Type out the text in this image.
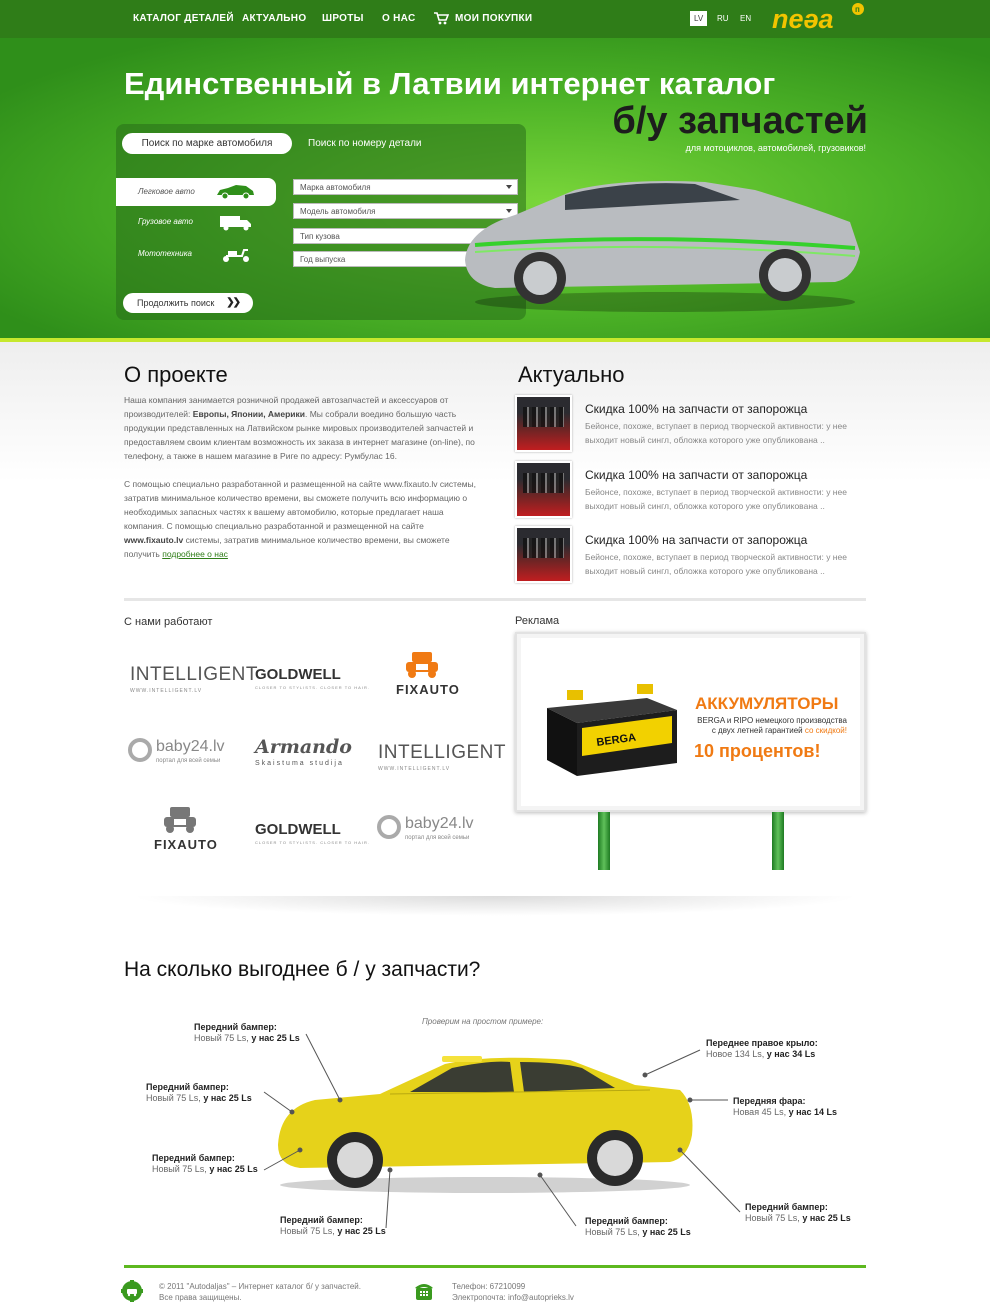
КАТАЛОГ ДЕТАЛЕЙ АКТУАЛЬНО ШРОТЫ О НАС	МОИ ПОКУПКИ	LV	RU	EN neǝa	п
Единственный в Латвии интернет каталог
б/у запчастей
для мотоциклов, автомобилей, грузовиков!
Поиск по марке автомобиля	Поиск по номеру детали
Легковое авто
Грузовое авто
Мототехника
Марка автомобиля
Модель автомобиля
Тип кузова
Год выпуска
Продолжить поиск ❯❯
О проекте

Наша компания занимается розничной продажей автозапчастей и аксессуаров от производителей: Европы, Японии, Америки. Мы собрали воедино большую часть продукции представленных на Латвийском рынке мировых производителей запчастей и предоставляем своим клиентам возможность их заказа в интернет магазине (on-line), по телефону, а также в нашем магазине в Риге по адресу: Румбулас 16.

С помощью специально разработанной и размещенной на сайте www.fixauto.lv системы, затратив минимальное количество времени, вы сможете получить всю информацию о необходимых запасных частях к вашему автомобилю, которые предлагает наша компания. С помощью специально разработанной и размещенной на сайте www.fixauto.lv системы, затратив минимальное количество времени, вы сможете получить подробнее о нас

Актуально
Скидка 100% на запчасти от запорожца
Бейонсе, похоже, вступает в период творческой активности: у нее выходит новый сингл, обложка которого уже опубликована ..
Скидка 100% на запчасти от запорожца
Бейонсе, похоже, вступает в период творческой активности: у нее выходит новый сингл, обложка которого уже опубликована ..
Скидка 100% на запчасти от запорожца
Бейонсе, похоже, вступает в период творческой активности: у нее выходит новый сингл, обложка которого уже опубликована ..
С нами работают
INTELLIGENT
WWW.INTELLIGENT.LV
GOLDWELL
CLOSER TO STYLISTS. CLOSER TO HAIR.	FIXAUTO
baby24.lv
портал для всей семьи
Armando
Skaistuma studija
INTELLIGENT
WWW.INTELLIGENT.LV
FIXAUTO
GOLDWELL
CLOSER TO STYLISTS. CLOSER TO HAIR.
baby24.lv
портал для всей семьи
Реклама
BERGA
АККУМУЛЯТОРЫ
BERGA и RIPO немецкого производства
с двух летней гарантией со скидкой!
10 процентов!
На сколько выгоднее б / у запчасти?
Проверим на простом примере:
Передний бампер:
Новый 75 Ls, у нас 25 Ls
Передний бампер:
Новый 75 Ls, у нас 25 Ls
Передний бампер:
Новый 75 Ls, у нас 25 Ls
Передний бампер:
Новый 75 Ls, у нас 25 Ls
Переднее правое крыло:
Новое 134 Ls, у нас 34 Ls
Передняя фара:
Новая 45 Ls, у нас 14 Ls
Передний бампер:
Новый 75 Ls, у нас 25 Ls
Передний бампер:
Новый 75 Ls, у нас 25 Ls
© 2011 "Autodaljas" – Интернет каталог б/ у запчастей.
Все права защищены.
Телефон: 67210099
Электропочта: info@autoprieks.lv
